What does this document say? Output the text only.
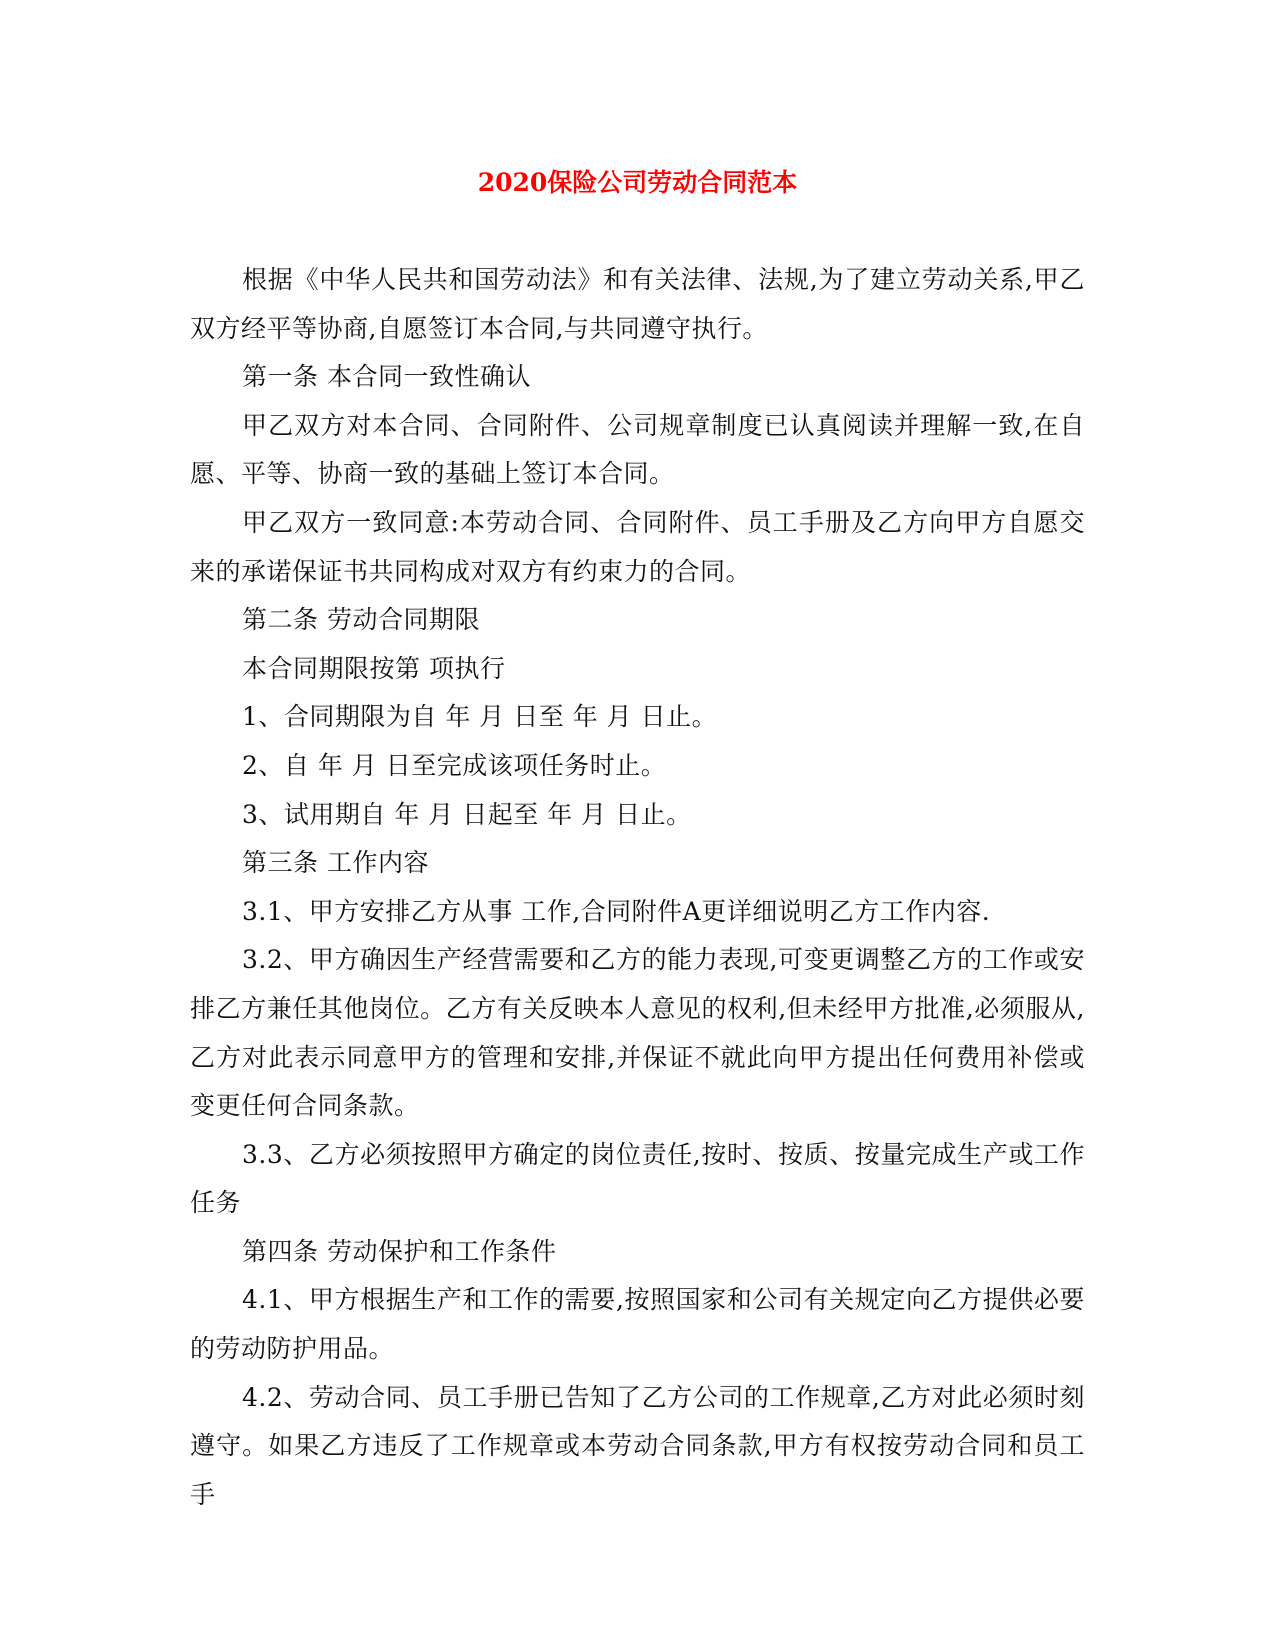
2020保险公司劳动合同范本

根据《中华人民共和国劳动法》和有关法律、法规,为了建立劳动关系,甲乙双方经平等协商,自愿签订本合同,与共同遵守执行。

第一条 本合同一致性确认

甲乙双方对本合同、合同附件、公司规章制度已认真阅读并理解一致,在自愿、平等、协商一致的基础上签订本合同。

甲乙双方一致同意:本劳动合同、合同附件、员工手册及乙方向甲方自愿交来的承诺保证书共同构成对双方有约束力的合同。

第二条 劳动合同期限

本合同期限按第 项执行

1、合同期限为自 年 月 日至 年 月 日止。

2、自 年 月 日至完成该项任务时止。

3、试用期自 年 月 日起至 年 月 日止。

第三条 工作内容

3.1、甲方安排乙方从事 工作,合同附件A更详细说明乙方工作内容.

3.2、甲方确因生产经营需要和乙方的能力表现,可变更调整乙方的工作或安排乙方兼任其他岗位。乙方有关反映本人意见的权利,但未经甲方批准,必须服从,乙方对此表示同意甲方的管理和安排,并保证不就此向甲方提出任何费用补偿或变更任何合同条款。

3.3、乙方必须按照甲方确定的岗位责任,按时、按质、按量完成生产或工作任务

第四条 劳动保护和工作条件

4.1、甲方根据生产和工作的需要,按照国家和公司有关规定向乙方提供必要的劳动防护用品。

4.2、劳动合同、员工手册已告知了乙方公司的工作规章,乙方对此必须时刻遵守。如果乙方违反了工作规章或本劳动合同条款,甲方有权按劳动合同和员工手
